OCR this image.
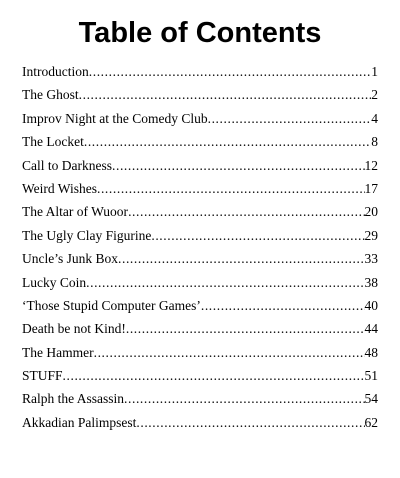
Table of Contents
Introduction .....	1
The Ghost .....	2
Improv Night at the Comedy Club .....	4
The Locket .....	8
Call to Darkness .....	12
Weird Wishes .....	17
The Altar of Wuoor .....	20
The Ugly Clay Figurine .....	29
Uncle’s Junk Box .....	33
Lucky Coin .....	38
‘Those Stupid Computer Games’ .....	40
Death be not Kind! .....	44
The Hammer .....	48
STUFF .....	51
Ralph the Assassin .....	54
Akkadian Palimpsest .....	62
